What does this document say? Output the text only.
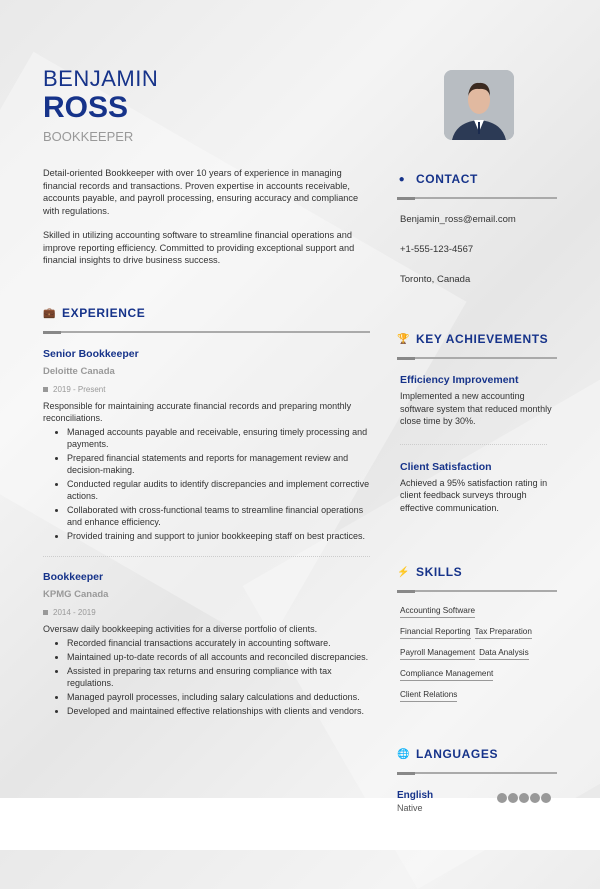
BENJAMIN
ROSS
BOOKKEEPER

Detail-oriented Bookkeeper with over 10 years of experience in managing financial records and transactions. Proven expertise in accounts receivable, accounts payable, and payroll processing, ensuring accuracy and compliance with regulations.

Skilled in utilizing accounting software to streamline financial operations and improve reporting efficiency. Committed to providing exceptional support and financial insights to drive business success.

💼 EXPERIENCE
Senior Bookkeeper
Deloitte Canada
2019 - Present
Responsible for maintaining accurate financial records and preparing monthly reconciliations.
• Managed accounts payable and receivable, ensuring timely processing and payments.
• Prepared financial statements and reports for management review and decision-making.
• Conducted regular audits to identify discrepancies and implement corrective actions.
• Collaborated with cross-functional teams to streamline financial operations and enhance efficiency.
• Provided training and support to junior bookkeeping staff on best practices.
Bookkeeper
KPMG Canada
2014 - 2019
Oversaw daily bookkeeping activities for a diverse portfolio of clients.
• Recorded financial transactions accurately in accounting software.
• Maintained up-to-date records of all accounts and reconciled discrepancies.
• Assisted in preparing tax returns and ensuring compliance with tax regulations.
• Managed payroll processes, including salary calculations and deductions.
• Developed and maintained effective relationships with clients and vendors.
● CONTACT
Benjamin_ross@email.com
+1-555-123-4567
Toronto, Canada
🏆 KEY ACHIEVEMENTS
Efficiency Improvement
Implemented a new accounting software system that reduced monthly close time by 30%.
Client Satisfaction
Achieved a 95% satisfaction rating in client feedback surveys through effective communication.
⚡ SKILLS
Accounting Software
Financial Reporting Tax Preparation
Payroll Management Data Analysis
Compliance Management
Client Relations
🌐 LANGUAGES
English
Native
